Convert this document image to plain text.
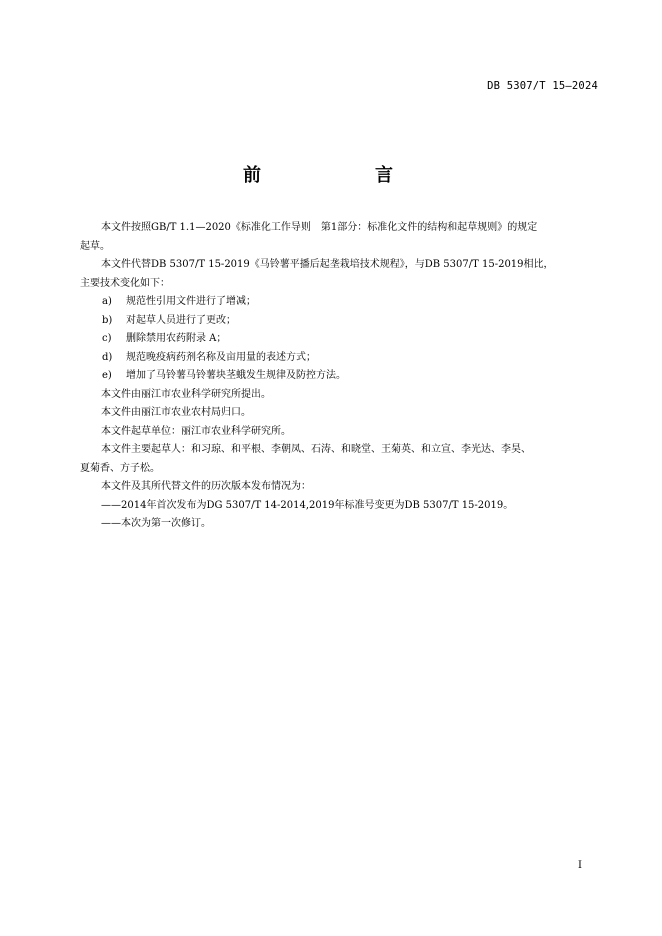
DB 5307/T 15—2024
前　　言

本文件按照GB/T 1.1—2020《标准化工作导则　第1部分：标准化文件的结构和起草规则》的规定

起草。

本文件代替DB 5307/T 15-2019《马铃薯平播后起垄栽培技术规程》，与DB 5307/T 15-2019相比，

主要技术变化如下：

a)	规范性引用文件进行了增减；
b)	对起草人员进行了更改；
c)	删除禁用农药附录 A；
d)	规范晚疫病药剂名称及亩用量的表述方式；
e)	增加了马铃薯马铃薯块茎蛾发生规律及防控方法。

本文件由丽江市农业科学研究所提出。

本文件由丽江市农业农村局归口。

本文件起草单位：丽江市农业科学研究所。

本文件主要起草人：和习琼、和平根、李朝凤、石涛、和晓堂、王菊英、和立宣、李光达、李昊、

夏菊香、方子松。

本文件及其所代替文件的历次版本发布情况为：

——2014年首次发布为DG 5307/T 14-2014,2019年标准号变更为DB 5307/T 15-2019。

——本次为第一次修订。

I
